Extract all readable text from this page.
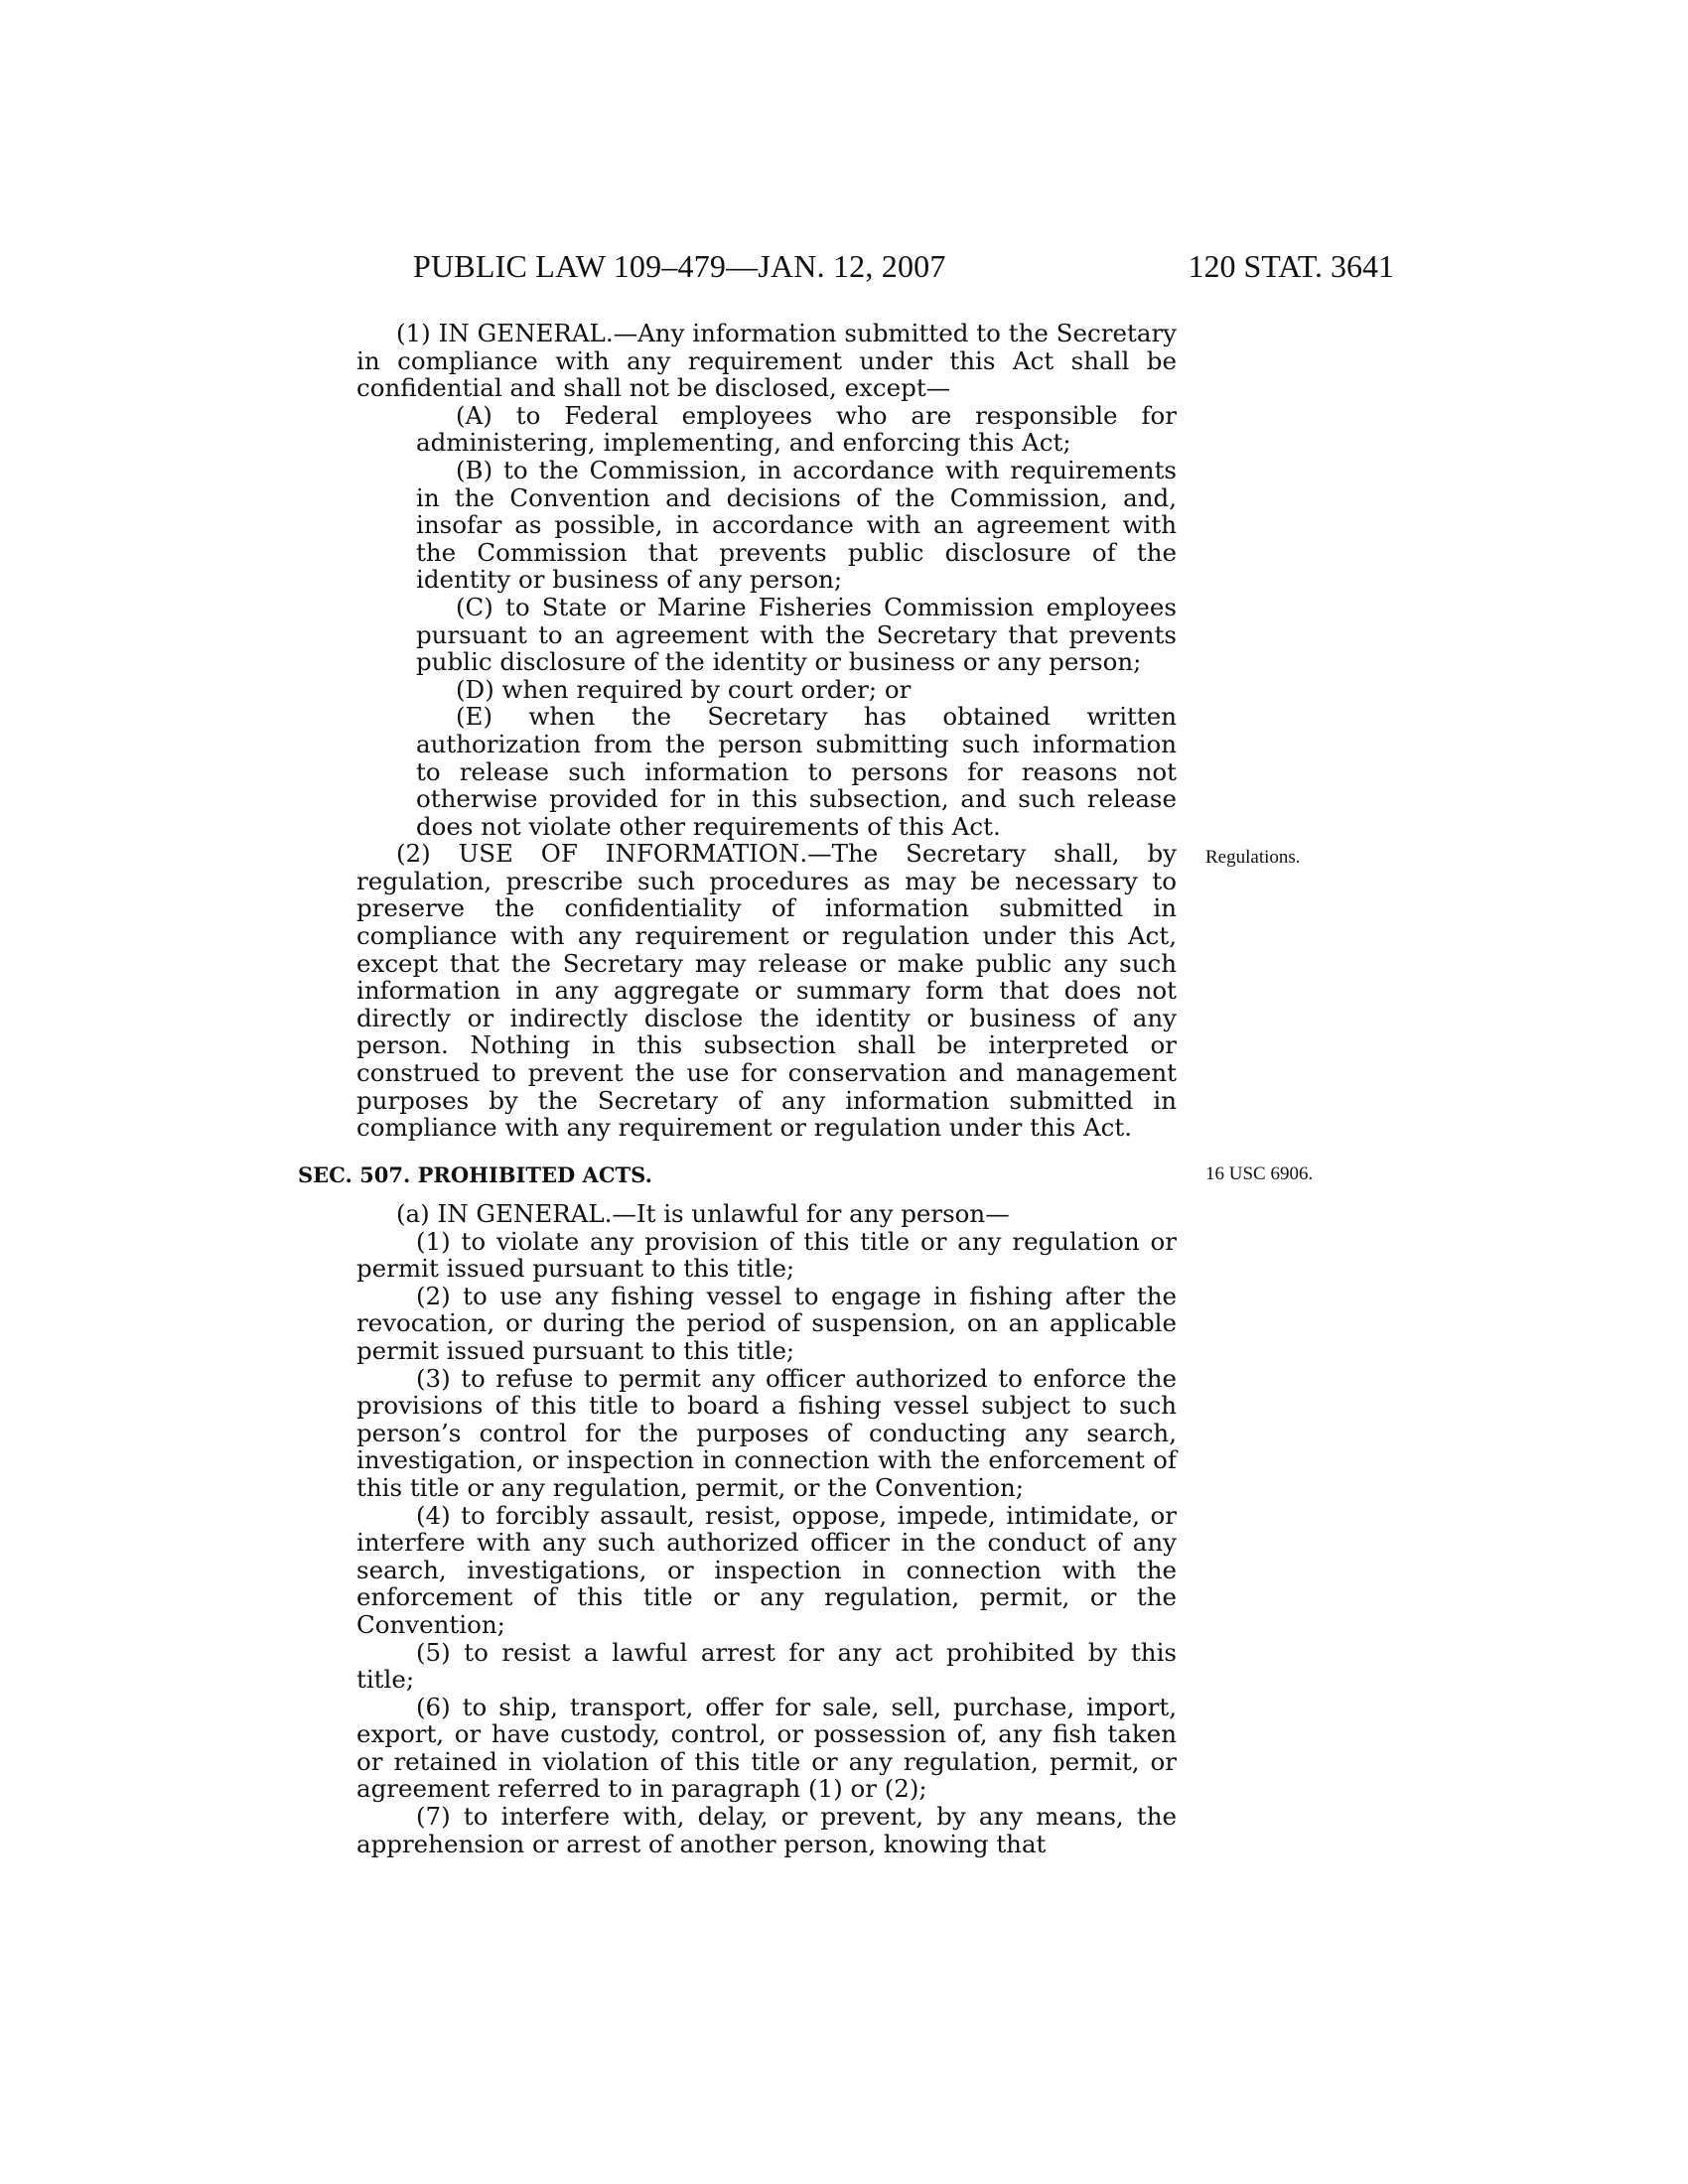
PUBLIC LAW 109–479—JAN. 12, 2007	120 STAT. 3641

(1) IN GENERAL.—Any information submitted to the Secretary in compliance with any requirement under this Act shall be confidential and shall not be disclosed, except—

(A) to Federal employees who are responsible for administering, implementing, and enforcing this Act;

(B) to the Commission, in accordance with requirements in the Convention and decisions of the Commission, and, insofar as possible, in accordance with an agreement with the Commission that prevents public disclosure of the identity or business of any person;

(C) to State or Marine Fisheries Commission employees pursuant to an agreement with the Secretary that prevents public disclosure of the identity or business or any person;

(D) when required by court order; or

(E) when the Secretary has obtained written authorization from the person submitting such information to release such information to persons for reasons not otherwise provided for in this subsection, and such release does not violate other requirements of this Act.

(2) USE OF INFORMATION.—The Secretary shall, by regulation, prescribe such procedures as may be necessary to preserve the confidentiality of information submitted in compliance with any requirement or regulation under this Act, except that the Secretary may release or make public any such information in any aggregate or summary form that does not directly or indirectly disclose the identity or business of any person. Nothing in this subsection shall be interpreted or construed to prevent the use for conservation and management purposes by the Secretary of any information submitted in compliance with any requirement or regulation under this Act.

Regulations.
SEC. 507. PROHIBITED ACTS.	16 USC 6906.

(a) IN GENERAL.—It is unlawful for any person—

(1) to violate any provision of this title or any regulation or permit issued pursuant to this title;

(2) to use any fishing vessel to engage in fishing after the revocation, or during the period of suspension, on an applicable permit issued pursuant to this title;

(3) to refuse to permit any officer authorized to enforce the provisions of this title to board a fishing vessel subject to such person’s control for the purposes of conducting any search, investigation, or inspection in connection with the enforcement of this title or any regulation, permit, or the Convention;

(4) to forcibly assault, resist, oppose, impede, intimidate, or interfere with any such authorized officer in the conduct of any search, investigations, or inspection in connection with the enforcement of this title or any regulation, permit, or the Convention;

(5) to resist a lawful arrest for any act prohibited by this title;

(6) to ship, transport, offer for sale, sell, purchase, import, export, or have custody, control, or possession of, any fish taken or retained in violation of this title or any regulation, permit, or agreement referred to in paragraph (1) or (2);

(7) to interfere with, delay, or prevent, by any means, the apprehension or arrest of another person, knowing that
